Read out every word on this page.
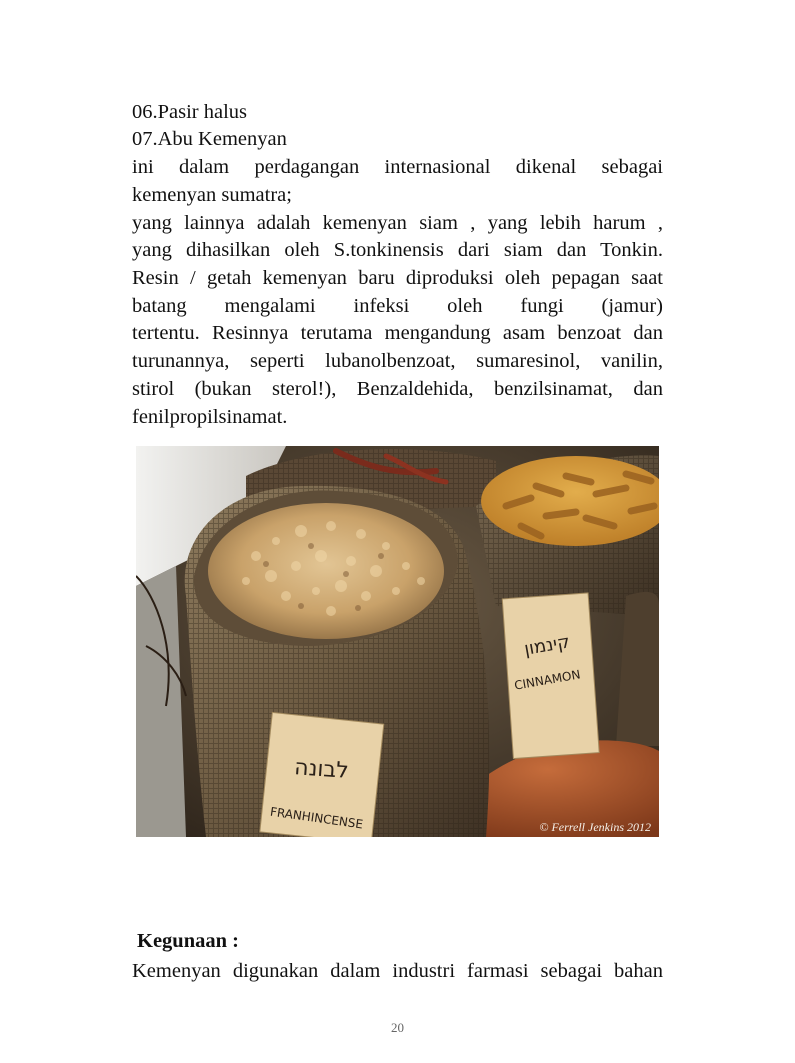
06.Pasir halus
07.Abu Kemenyan
ini dalam perdagangan internasional dikenal sebagai
kemenyan sumatra;
yang lainnya adalah kemenyan siam , yang lebih harum ,
yang dihasilkan oleh S.tonkinensis dari siam dan Tonkin.
Resin / getah kemenyan baru diproduksi oleh pepagan saat
batang mengalami infeksi oleh fungi (jamur)
tertentu. Resinnya terutama mengandung asam benzoat dan
turunannya, seperti lubanolbenzoat, sumaresinol, vanilin,
stirol (bukan sterol!), Benzaldehida, benzilsinamat, dan
fenilpropilsinamat.
קינמון
CINNAMON
לבונה
FRANHINCENSE	© Ferrell Jenkins 2012
Kegunaan :
Kemenyan digunakan dalam industri farmasi sebagai bahan
20
